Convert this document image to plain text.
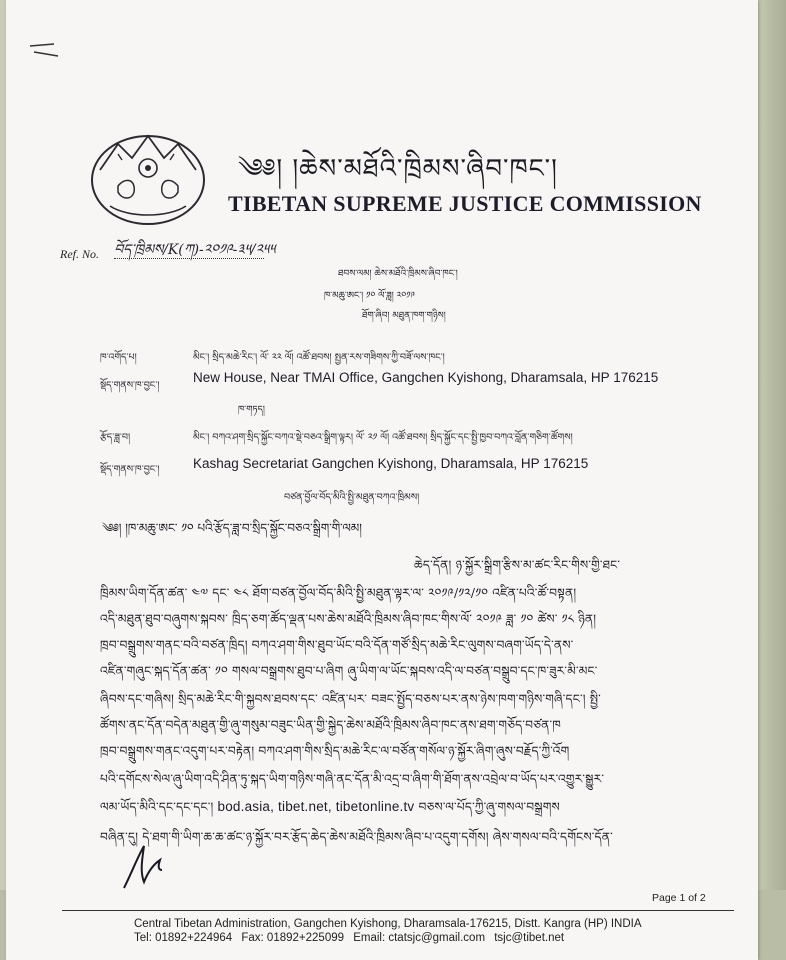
༄༅། །ཆེས་མཐོའི་ཁྲིམས་ཞིབ་ཁང་།
TIBETAN SUPREME JUSTICE COMMISSION
Ref. No. བོད་ཁྲིམས/K(ཀ)-༢༠༡༩-༣༥/༢༥༥
ཐབས་ལམ། ཆེས་མཐོའི་ཁྲིམས་ཞིབ་ཁང་།
ཁ་མཆུ་ཨང་། ༡༠ ལོ་ཟླ། ༢༠༡༩
ཐོག་ཞིབ། མཐུན་ཁག་གཉིས།
ཁ་འགོད་པ།	མིང་། སྲིད་མཆེ་རིང་། ལོ་ ༢༢ ལོ། འཚོ་ཐབས། སྤྱན་རས་གཟིགས་ཀྱི་བཟོ་ལས་ཁང་།
སྡོད་གནས་ཁ་བྱང་།
New House, Near TMAI Office, Gangchen Kyishong, Dharamsala, HP 176215
ཁ་གཏད།
རྩོད་ཟླ་བ།	མིང་། བཀའ་ཤག་སྲིད་སྐྱོང་བཀའ་སྡེ་བཅའ་སྒྲིག་ལྟར། ལོ་ ༢༡ ལོ། འཚོ་ཐབས། སྲིད་སྐྱོང་དང་སྤྱི་ཁྱབ་བཀའ་བློན་གཅིག་ཚོགས།
སྡོད་གནས་ཁ་བྱང་། Kashag Secretariat Gangchen Kyishong, Dharamsala, HP 176215
བཙན་བྱོལ་བོད་མིའི་སྤྱི་མཐུན་བཀའ་ཁྲིམས།
༄༅། །ཁ་མཆུ་ཨང་ ༡༠ པའི་རྩོད་ཟླ་བ་སྲིད་སྐྱོང་བཅའ་སྒྲིག་གི་ལམ།
ཆེད་དོན། ཉ་སྐྱོར་སྒྲིག་རྩིས་མ་ཚང་རིང་གིས་གྱི་ཐང་
ཁྲིམས་ཡིག་དོན་ཚན་ ༤༧ དང་ ༤༨ ཐོག་བཙན་བྱོལ་བོད་མིའི་སྤྱི་མཐུན་ལྟར་ལ་ ༢༠༡༩/༡༢/༡༠ འཛིན་པའི་ཚོ་བསྟན།
འདི་མཐུན་ཐུབ་བཞུགས་སྐབས་ ཁྲིད་ཅག་ཚོད་ལྡན་པས་ཆེས་མཐོའི་ཁྲིམས་ཞིབ་ཁང་གིས་ལོ་ ༢༠༡༩ ཟླ་ ༡༠ ཚེས་ ༡༨ ཉིན།
ཁྲབ་བསྒྲུགས་གནང་བའི་བཙན་ཁྲིད། བཀའ་ཤག་གིས་ཐུབ་ཡོང་བའི་དོན་གཙོ་སྲིད་མཆེ་རིང་ལུགས་བཞག་ཡོད་དེ་ནས་
འཛིན་གཞུང་སྐད་དོན་ཚན་ ༡༠ གསལ་བསྒྲགས་ཐུབ་པ་ཞིག ཞུ་ཡིག་ལ་ཡོང་སྐབས་འདི་ལ་བཙན་བསྒྲུབ་དང་ཁ་ཟུར་མི་མང་
ཞིབས་དང་གཞིས། སྲིད་མཆེ་རིང་གི་སྐྱབས་ཐབས་དང་ འཛིན་པར་ བཟང་སྤྱོད་བཅས་པར་ནས་ཉེས་ཁག་གཉིས་གཞི་དང་། སྤྱི་
ཚོགས་ནང་དོན་བདེན་མཐུན་གྱི་ཞུ་གསུམ་བཟུང་ཡིན་གྱི་སྐྱེད་ཆེས་མཐོའི་ཁྲིམས་ཞིབ་ཁང་ནས་ཐག་གཅོད་བཙན་ཁ
ཁྲབ་བསྒྲུགས་གནང་འདུག་པར་བརྟེན། བཀའ་ཤག་གིས་སྲིད་མཆེ་རིང་ལ་བཙོན་གསོལ་ཉ་སྐྱོར་ཞིག་ཞུས་བརྗོད་ཀྱི་འོག
པའི་དགོངས་སེལ་ཞུ་ཡིག་འདི་ཤིན་ཏུ་སྐད་ཡིག་གཉིས་གཞི་ནང་དོན་མི་འདྲ་བ་ཞིག་གི་ཐོག་ནས་འབྲེལ་བ་ཡོད་པར་འགྱུར་སྒྱུར་
ལམ་ཡོད་མིའི་དང་དང་དང་། bod.asia, tibet.net, tibetonline.tv བཅས་ལ་པོད་ཀྱི་ཞུ་གསལ་བསྒྲགས
བཞིན་དུ། དེ་ཐག་གི་ཡིག་ཆ་ཆ་ཚང་ཉ་སྐྱོར་བར་རྩོད་ཆེད་ཆེས་མཐོའི་ཁྲིམས་ཞིབ་པ་འདུག་དགོས། ཞེས་གསལ་བའི་དགོངས་དོན་
Page 1 of 2
Central Tibetan Administration, Gangchen Kyishong, Dharamsala-176215, Distt. Kangra (HP) INDIA
Tel: 01892+224964 Fax: 01892+225099 Email: ctatsjc@gmail.com tsjc@tibet.net
